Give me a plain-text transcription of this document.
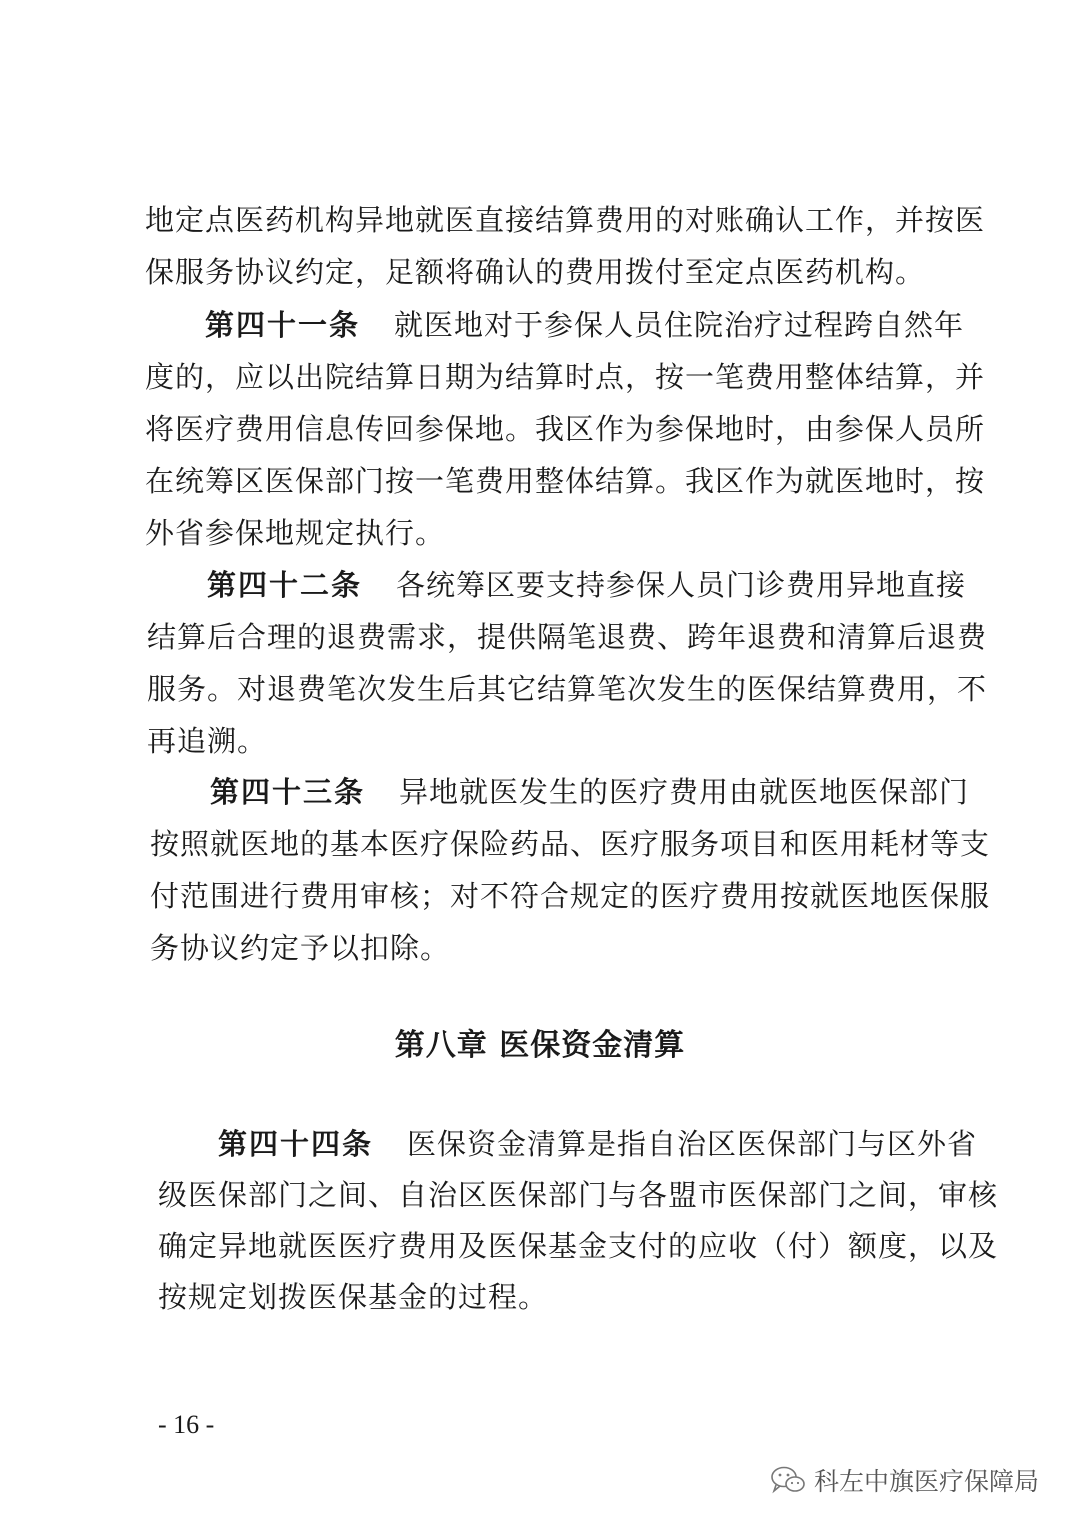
地定点医药机构异地就医直接结算费用的对账确认工作，并按医
保服务协议约定，足额将确认的费用拨付至定点医药机构。
第四十一条 就医地对于参保人员住院治疗过程跨自然年
度的，应以出院结算日期为结算时点，按一笔费用整体结算，并
将医疗费用信息传回参保地。我区作为参保地时，由参保人员所
在统筹区医保部门按一笔费用整体结算。我区作为就医地时，按
外省参保地规定执行。
第四十二条 各统筹区要支持参保人员门诊费用异地直接
结算后合理的退费需求，提供隔笔退费、跨年退费和清算后退费
服务。对退费笔次发生后其它结算笔次发生的医保结算费用，不
再追溯。
第四十三条 异地就医发生的医疗费用由就医地医保部门
按照就医地的基本医疗保险药品、医疗服务项目和医用耗材等支
付范围进行费用审核；对不符合规定的医疗费用按就医地医保服
务协议约定予以扣除。
第八章 医保资金清算
第四十四条 医保资金清算是指自治区医保部门与区外省
级医保部门之间、自治区医保部门与各盟市医保部门之间，审核
确定异地就医医疗费用及医保基金支付的应收（付）额度，以及
按规定划拨医保基金的过程。
- 16 -
科左中旗医疗保障局
